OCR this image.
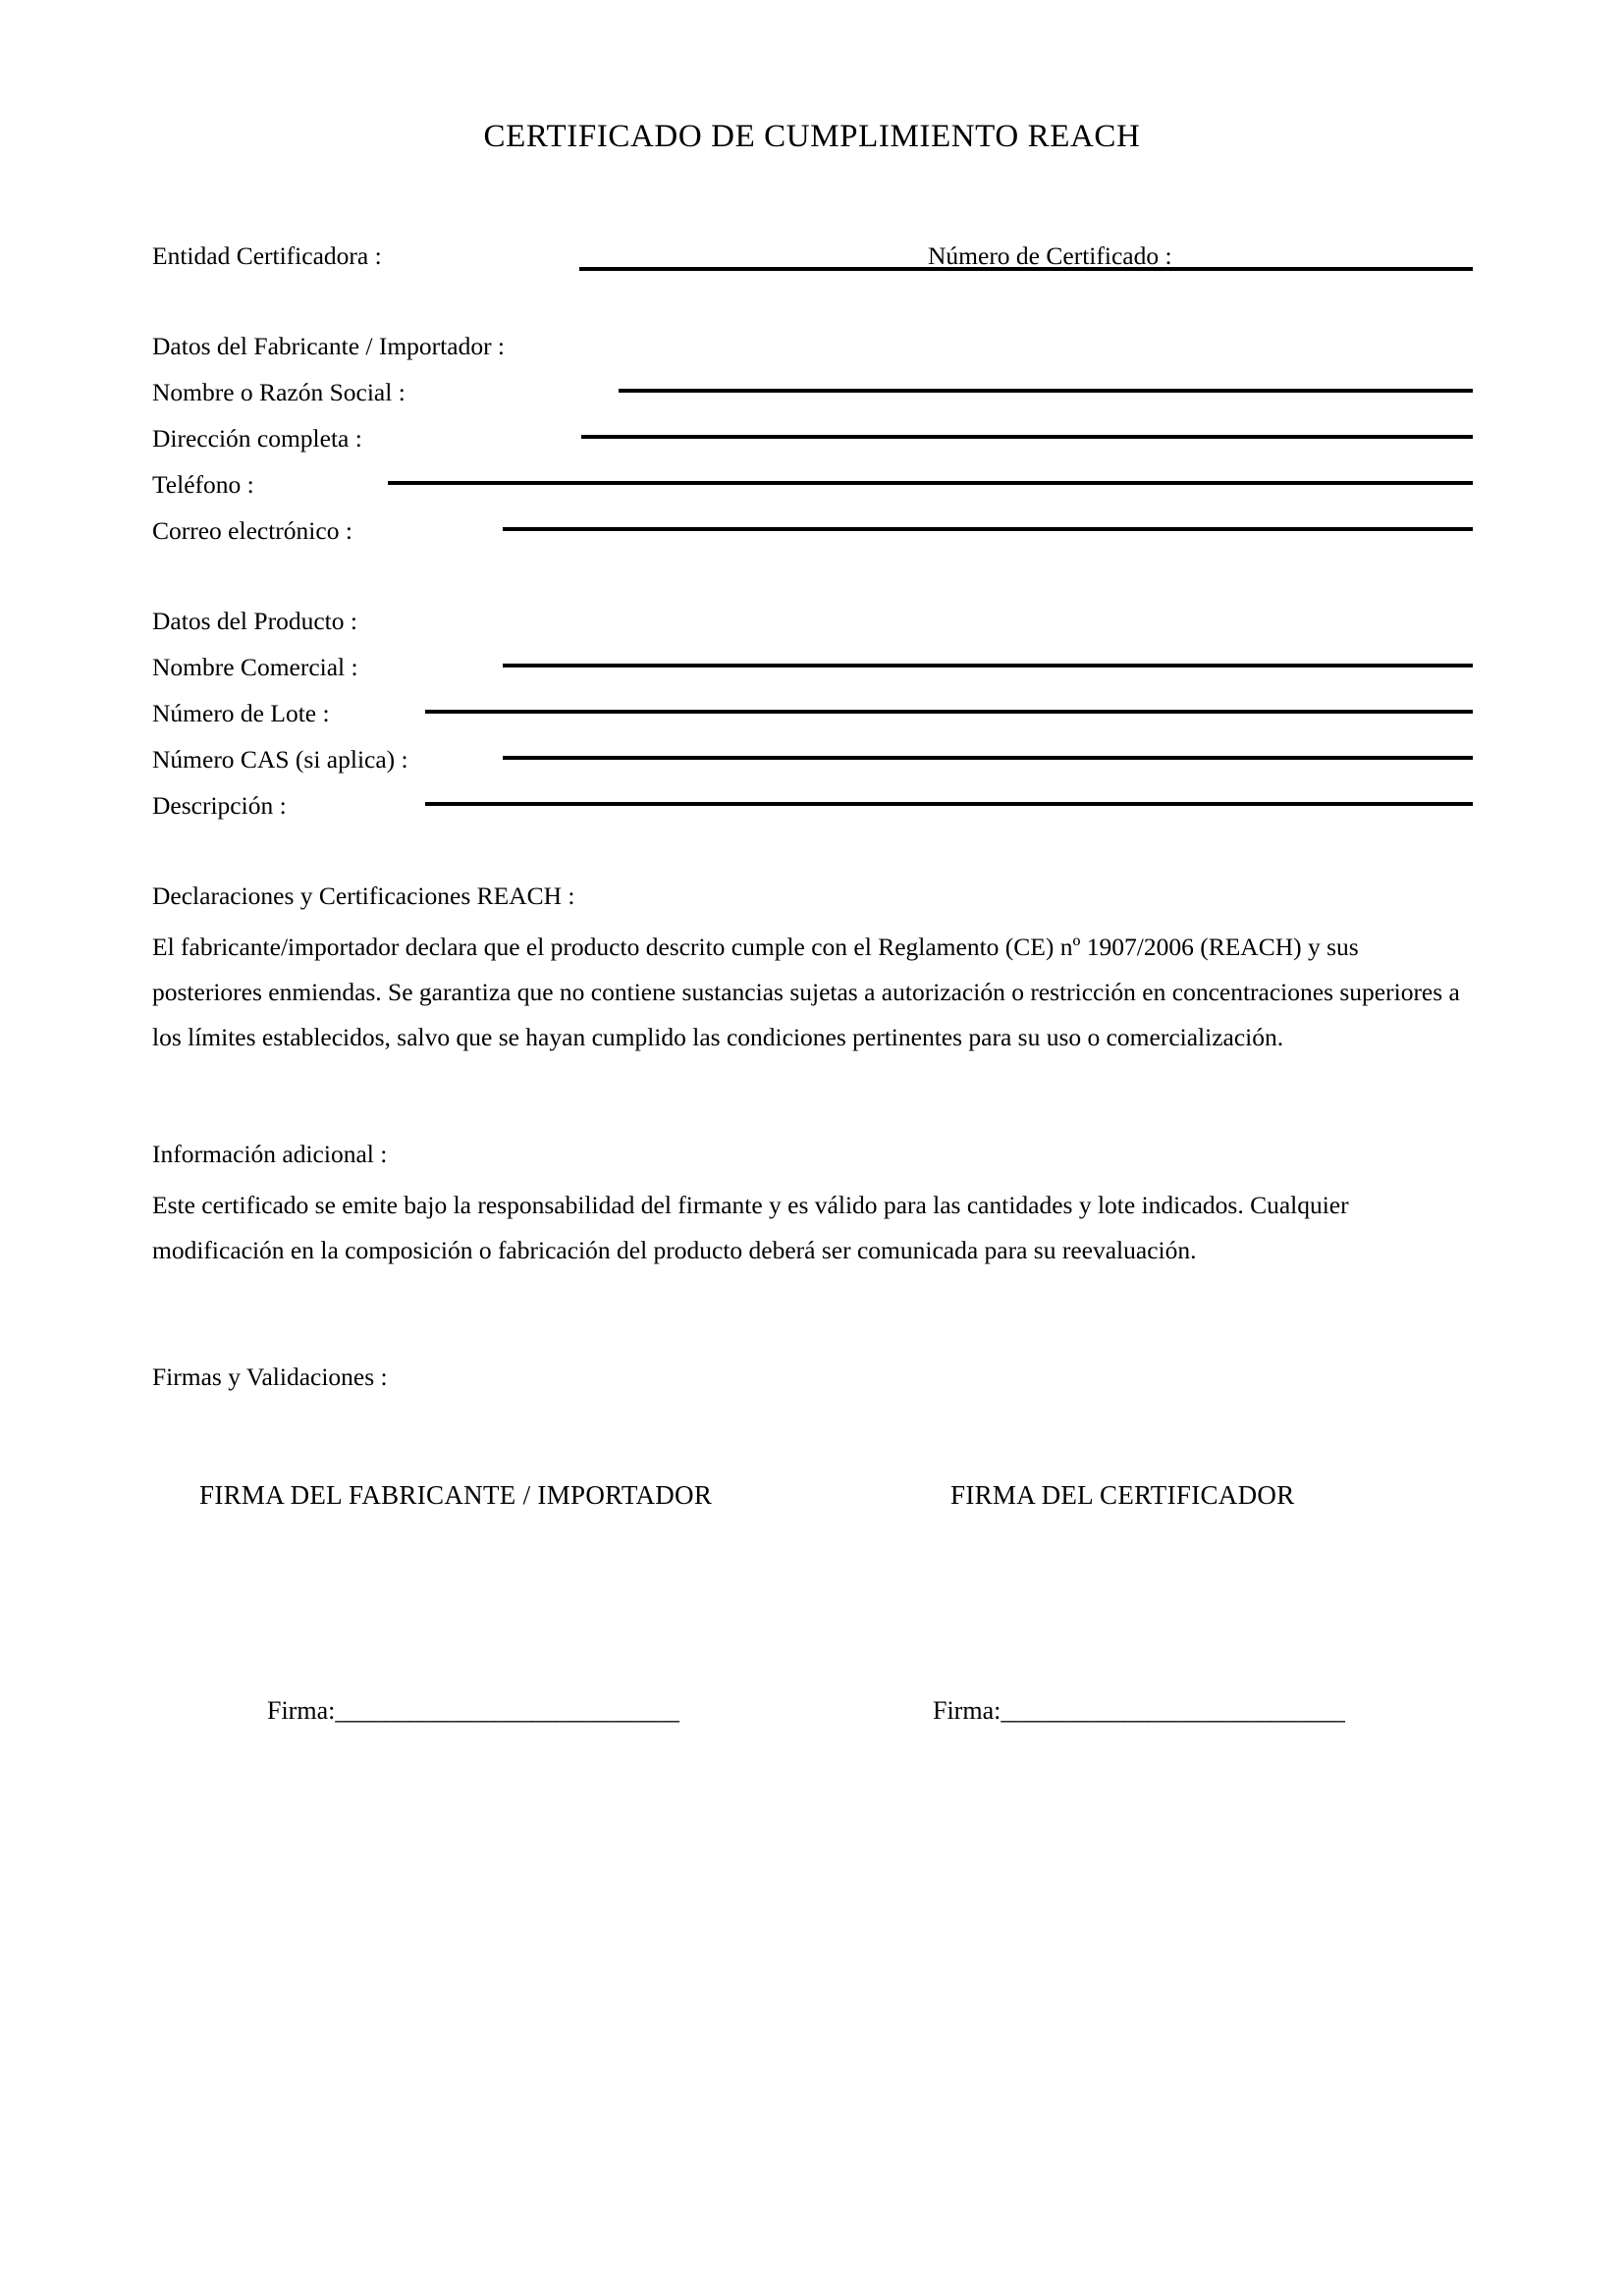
CERTIFICADO DE CUMPLIMIENTO REACH
Entidad Certificadora :	Número de Certificado :
Datos del Fabricante / Importador :
Nombre o Razón Social :
Dirección completa :
Teléfono :
Correo electrónico :
Datos del Producto :
Nombre Comercial :
Número de Lote :
Número CAS (si aplica) :
Descripción :
Declaraciones y Certificaciones REACH :
El fabricante/importador declara que el producto descrito cumple con el Reglamento (CE) nº 1907/2006 (REACH) y sus posteriores enmiendas. Se garantiza que no contiene sustancias sujetas a autorización o restricción en concentraciones superiores a los límites establecidos, salvo que se hayan cumplido las condiciones pertinentes para su uso o comercialización.
Información adicional :
Este certificado se emite bajo la responsabilidad del firmante y es válido para las cantidades y lote indicados. Cualquier modificación en la composición o fabricación del producto deberá ser comunicada para su reevaluación.
Firmas y Validaciones :
FIRMA DEL FABRICANTE / IMPORTADOR	FIRMA DEL CERTIFICADOR
Firma:____________________________	Firma:____________________________
